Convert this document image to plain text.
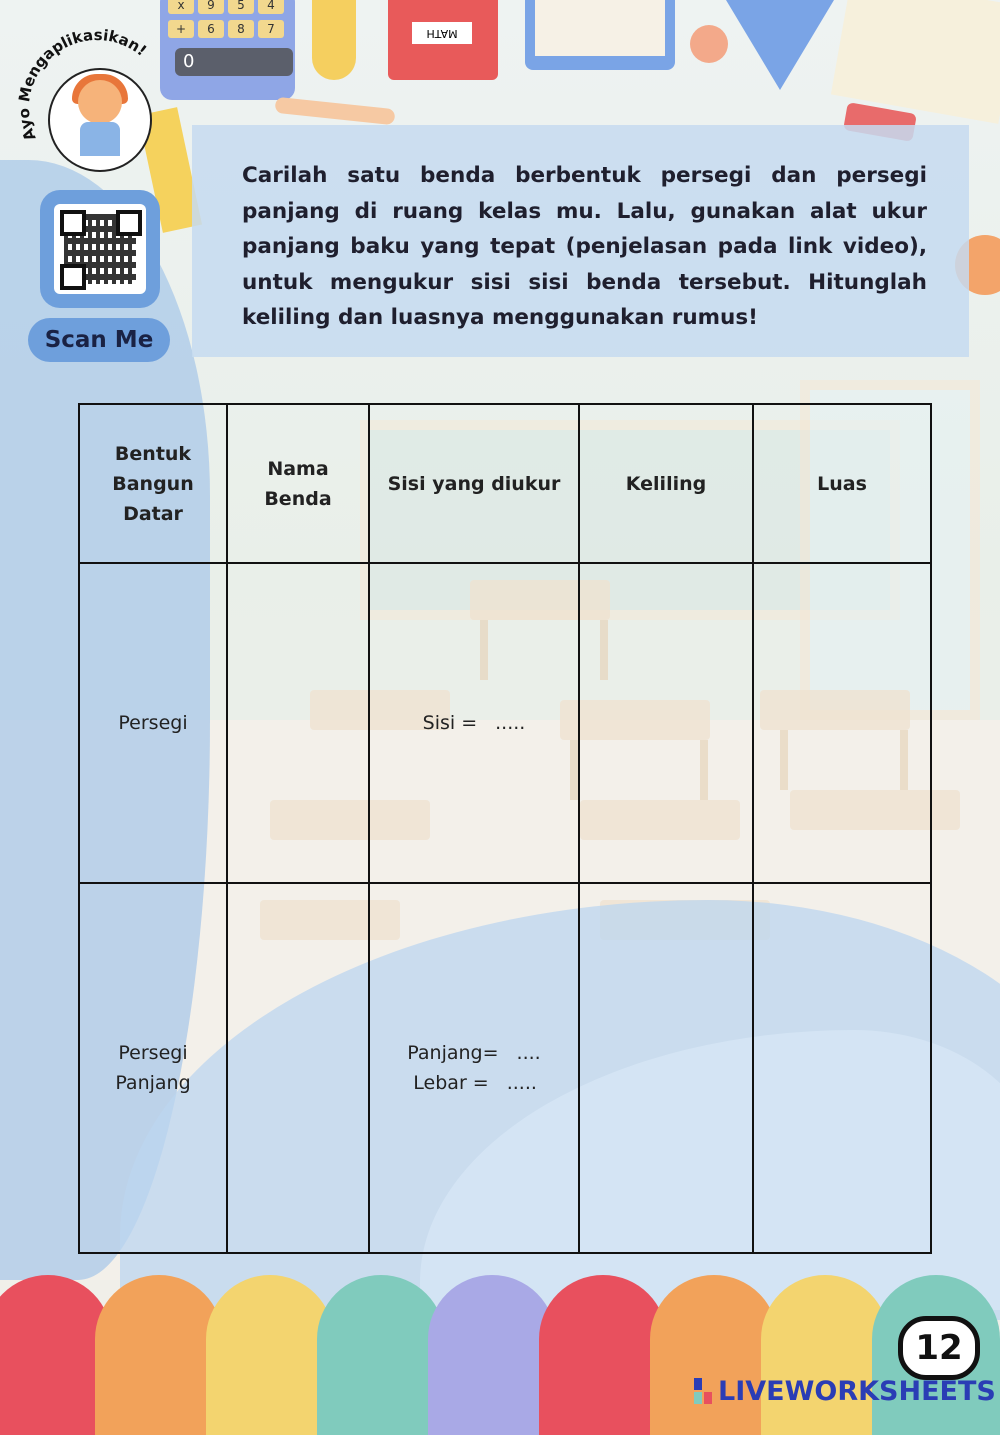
x	9	5	4
+	6	8	7
0
MATH
Ayo Mengaplikasikan!
Scan Me
Carilah satu benda berbentuk persegi dan persegi panjang di ruang kelas mu. Lalu, gunakan alat ukur panjang baku yang tepat (penjelasan pada link video), untuk mengukur sisi sisi benda tersebut. Hitunglah keliling dan luasnya menggunakan rumus!
Bentuk Bangun Datar	Nama Benda	Sisi yang diukur	Keliling	Luas
Persegi		Sisi = .....		

Persegi Panjang		Panjang= ....
Lebar = .....		

12
LIVEWORKSHEETS
